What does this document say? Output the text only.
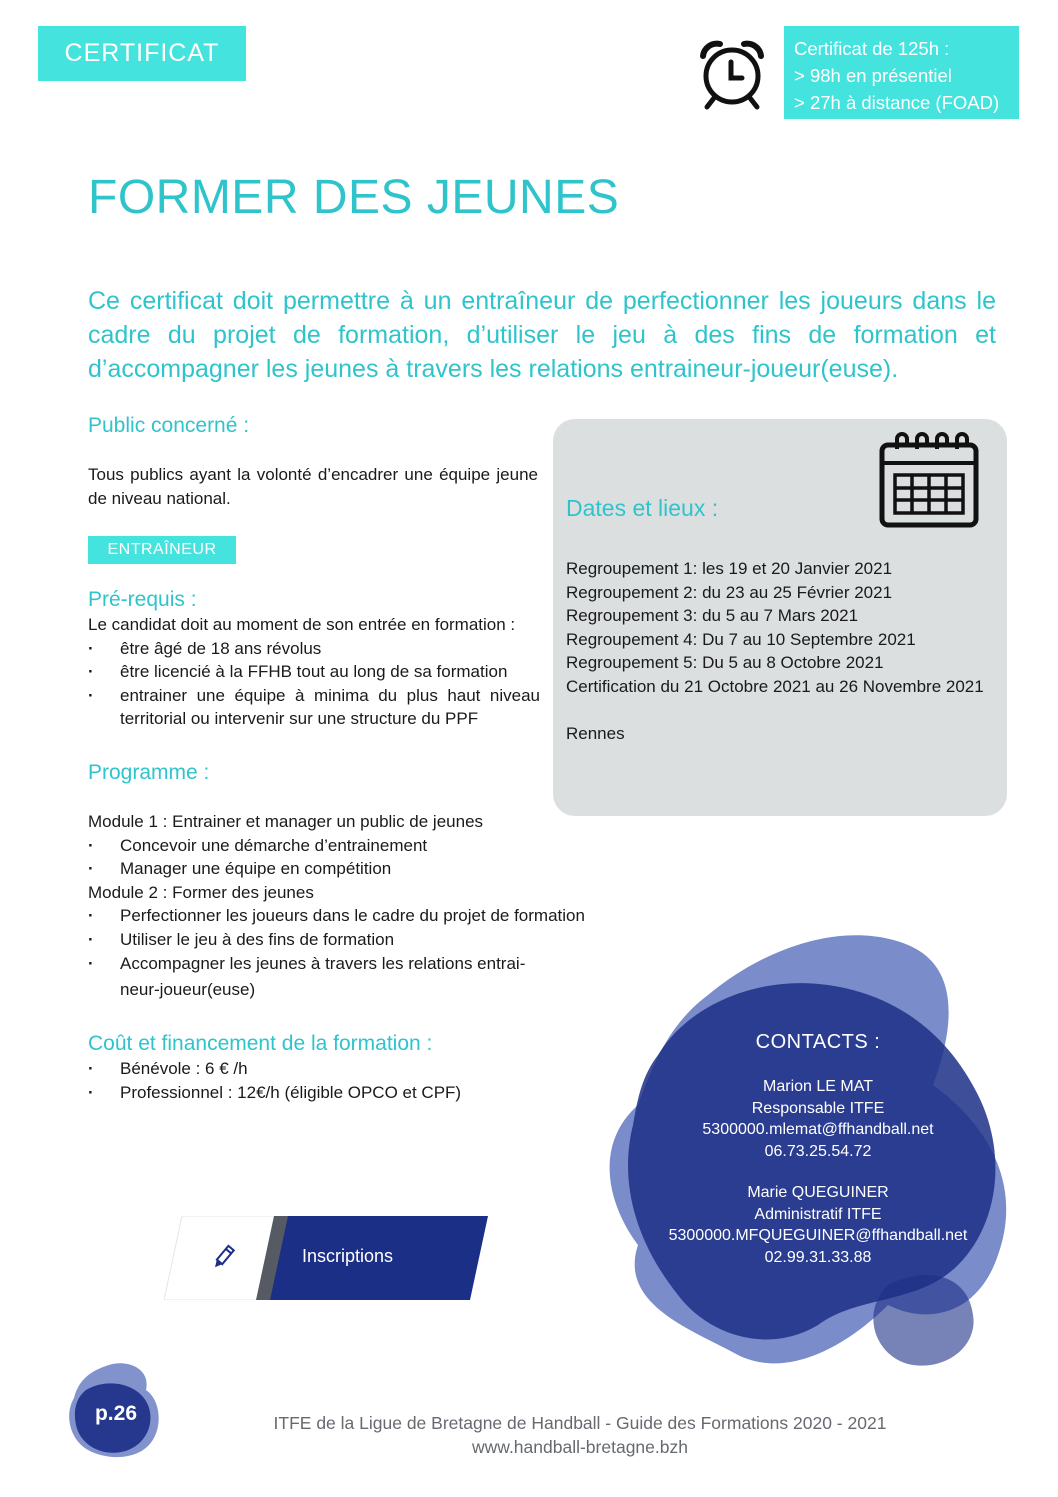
CERTIFICAT	Certificat de 125h :
> 98h en présentiel
> 27h à distance (FOAD)
FORMER DES JEUNES
Ce certificat doit permettre à un entraîneur de perfectionner les joueurs dans le cadre du projet de formation, d’utiliser le jeu à des fins de formation et d’accompagner les jeunes à travers les relations entraineur-joueur(euse).
Public concerné :
Tous publics ayant la volonté d’encadrer une équipe jeune de niveau national.
ENTRAÎNEUR
Pré-requis :
Le candidat doit au moment de son entrée en formation :
· être âgé de 18 ans révolus
· être licencié à la FFHB tout au long de sa formation
· entrainer une équipe à minima du plus haut niveau territorial ou intervenir sur une structure du PPF
Programme :
Module 1 : Entrainer et manager un public de jeunes
· Concevoir une démarche d’entrainement
· Manager une équipe en compétition
Module 2 : Former des jeunes
· Perfectionner les joueurs dans le cadre du projet de formation
· Utiliser le jeu à des fins de formation
· Accompagner les jeunes à travers les relations entrai-neur-joueur(euse)
Coût et financement de la formation :
· Bénévole : 6 € /h
· Professionnel : 12€/h (éligible OPCO et CPF)
Inscriptions
Dates et lieux :
Regroupement 1: les 19 et 20 Janvier 2021
Regroupement 2: du 23 au 25 Février 2021
Regroupement 3: du 5 au 7 Mars 2021
Regroupement 4: Du 7 au 10 Septembre 2021
Regroupement 5: Du 5 au 8 Octobre 2021
Certification du 21 Octobre 2021 au 26 Novembre 2021
Rennes
CONTACTS :
Marion LE MAT
Responsable ITFE
5300000.mlemat@ffhandball.net
06.73.25.54.72
Marie QUEGUINER
Administratif ITFE
5300000.MFQUEGUINER@ffhandball.net
02.99.31.33.88
p.26	ITFE de la Ligue de Bretagne de Handball - Guide des Formations 2020 - 2021
www.handball-bretagne.bzh
